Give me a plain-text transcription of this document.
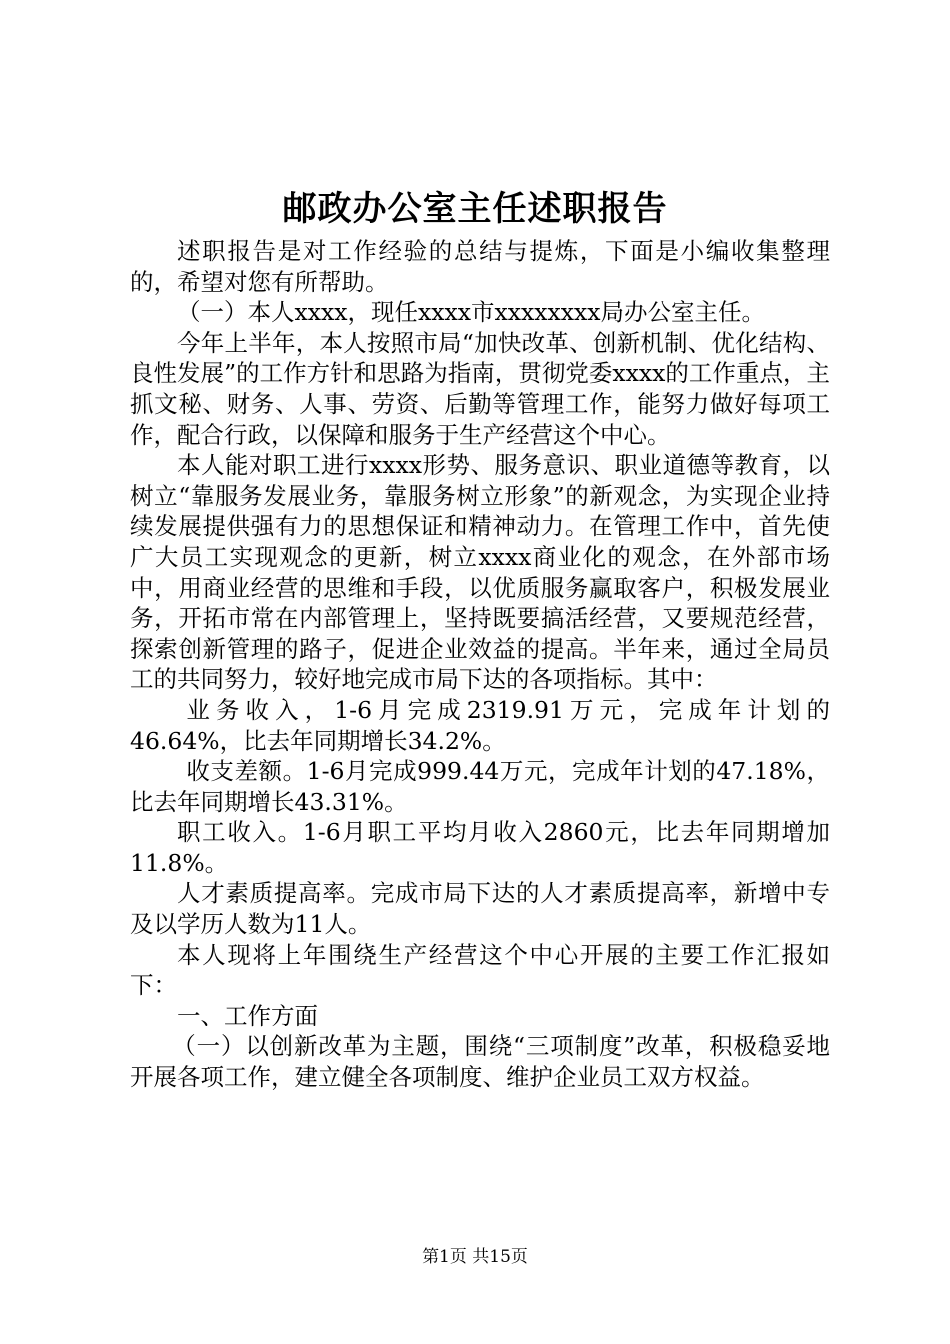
邮政办公室主任述职报告

述职报告是对工作经验的总结与提炼，下面是小编收集整理的，希望对您有所帮助。

（一）本人xxxx，现任xxxx市xxxxxxxx局办公室主任。

今年上半年，本人按照市局“加快改革、创新机制、优化结构、良性发展”的工作方针和思路为指南，贯彻党委xxxx的工作重点，主抓文秘、财务、人事、劳资、后勤等管理工作，能努力做好每项工作，配合行政，以保障和服务于生产经营这个中心。

本人能对职工进行xxxx形势、服务意识、职业道德等教育，以树立“靠服务发展业务，靠服务树立形象”的新观念，为实现企业持续发展提供强有力的思想保证和精神动力。在管理工作中，首先使广大员工实现观念的更新，树立xxxx商业化的观念，在外部市场中，用商业经营的思维和手段，以优质服务赢取客户，积极发展业务，开拓市常在内部管理上，坚持既要搞活经营，又要规范经营，探索创新管理的路子，促进企业效益的提高。半年来，通过全局员工的共同努力，较好地完成市局下达的各项指标。其中：

业务收入，1-6月完成2319.91万元，完成年计划的46.64%，比去年同期增长34.2%。

收支差额。1-6月完成999.44万元，完成年计划的47.18%，比去年同期增长43.31%。

职工收入。1-6月职工平均月收入2860元，比去年同期增加11.8%。

人才素质提高率。完成市局下达的人才素质提高率，新增中专及以学历人数为11人。

本人现将上年围绕生产经营这个中心开展的主要工作汇报如下：

一、工作方面

（一）以创新改革为主题，围绕“三项制度”改革，积极稳妥地开展各项工作，建立健全各项制度、维护企业员工双方权益。

第1页 共15页
